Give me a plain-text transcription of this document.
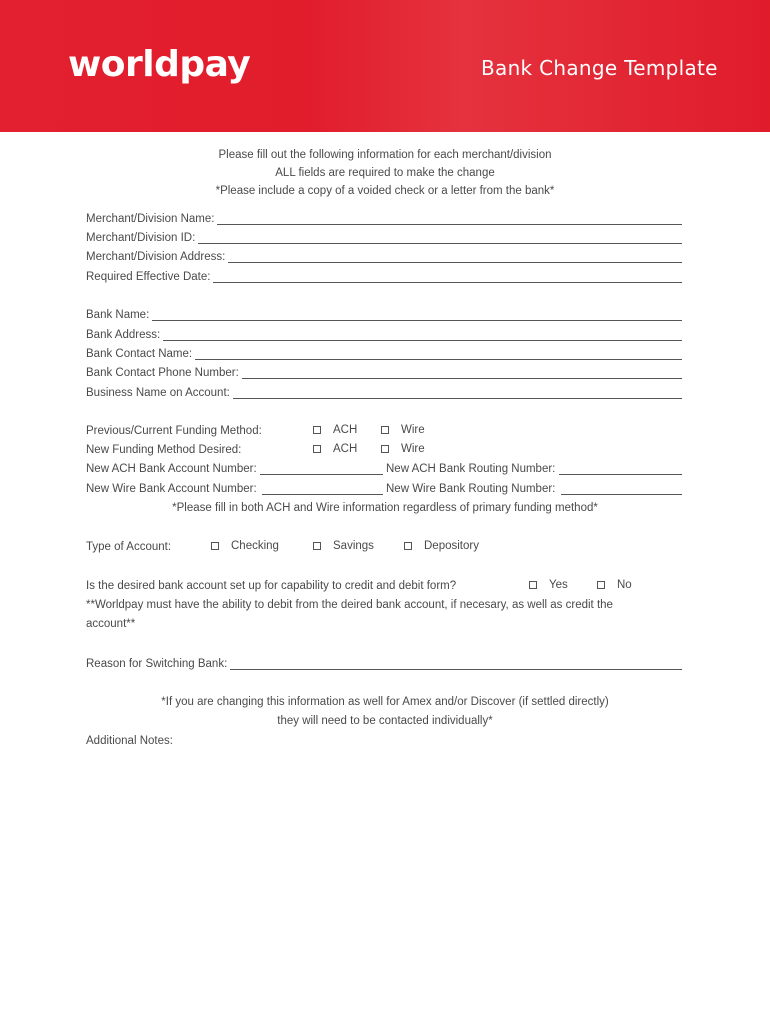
worldpay	Bank Change Template
Please fill out the following information for each merchant/division
ALL fields are required to make the change
*Please include a copy of a voided check or a letter from the bank*
Merchant/Division Name:
Merchant/Division ID:
Merchant/Division Address:
Required Effective Date:
Bank Name:
Bank Address:
Bank Contact Name:
Bank Contact Phone Number:
Business Name on Account:
Previous/Current Funding Method:	ACH	Wire
New Funding Method Desired:	ACH	Wire
New ACH Bank Account Number:	New ACH Bank Routing Number:
New Wire Bank Account Number:	New Wire Bank Routing Number:
*Please fill in both ACH and Wire information regardless of primary funding method*
Type of Account:	Checking	Savings	Depository
Is the desired bank account set up for capability to credit and debit form?	Yes	No
**Worldpay must have the ability to debit from the deired bank account, if necesary, as well as credit the
account**
Reason for Switching Bank:
*If you are changing this information as well for Amex and/or Discover (if settled directly)
they will need to be contacted individually*
Additional Notes:
